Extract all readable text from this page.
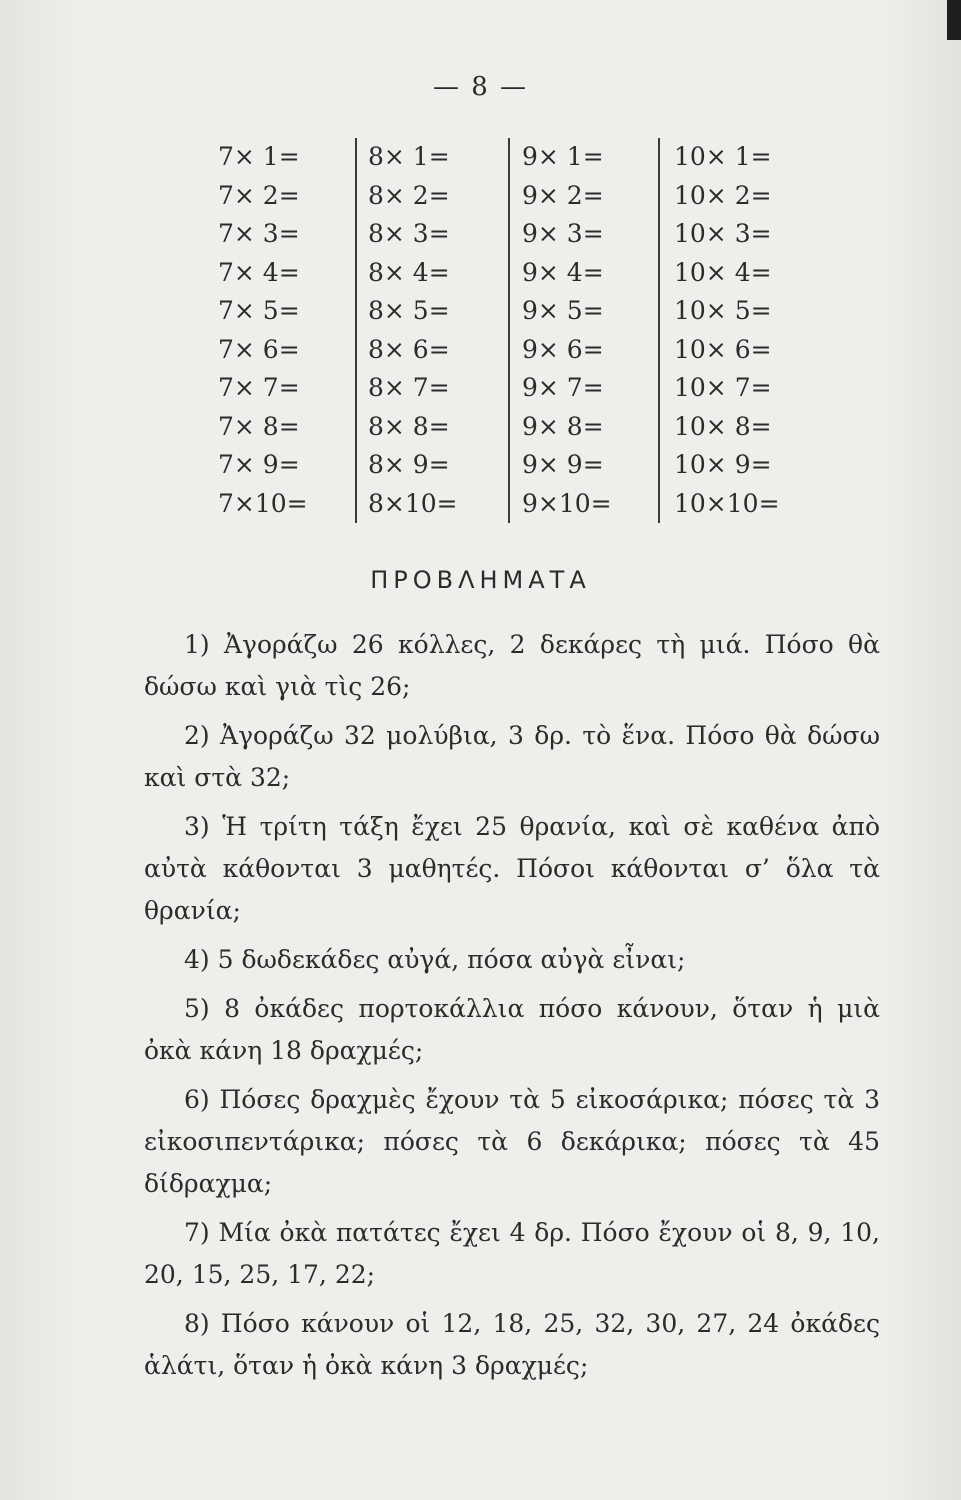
— 8 —
7× 1=
7× 2=
7× 3=
7× 4=
7× 5=
7× 6=
7× 7=
7× 8=
7× 9=
7×10=
8× 1=
8× 2=
8× 3=
8× 4=
8× 5=
8× 6=
8× 7=
8× 8=
8× 9=
8×10=
9× 1=
9× 2=
9× 3=
9× 4=
9× 5=
9× 6=
9× 7=
9× 8=
9× 9=
9×10=
10× 1=
10× 2=
10× 3=
10× 4=
10× 5=
10× 6=
10× 7=
10× 8=
10× 9=
10×10=
ΠΡΟΒΛΗΜΑΤΑ

1) Ἀγοράζω 26 κόλλες, 2 δεκάρες τὴ μιά. Πόσο θὰ δώσω καὶ γιὰ τὶς 26;

2) Ἀγοράζω 32 μολύβια, 3 δρ. τὸ ἕνα. Πόσο θὰ δώσω καὶ στὰ 32;

3) Ἡ τρίτη τάξη ἔχει 25 θρανία, καὶ σὲ καθένα ἀπὸ αὐτὰ κάθονται 3 μαθητές. Πόσοι κάθονται σ’ ὅλα τὰ θρανία;

4) 5 δωδεκάδες αὐγά, πόσα αὐγὰ εἶναι;

5) 8 ὀκάδες πορτοκάλλια πόσο κάνουν, ὅταν ἡ μιὰ ὀκὰ κάνη 18 δραχμές;

6) Πόσες δραχμὲς ἔχουν τὰ 5 εἰκοσάρικα; πόσες τὰ 3 εἰκοσιπεντάρικα; πόσες τὰ 6 δεκάρικα; πόσες τὰ 45 δίδραχμα;

7) Μία ὀκὰ πατάτες ἔχει 4 δρ. Πόσο ἔχουν οἱ 8, 9, 10, 20, 15, 25, 17, 22;

8) Πόσο κάνουν οἱ 12, 18, 25, 32, 30, 27, 24 ὀκάδες ἁλάτι, ὅταν ἡ ὀκὰ κάνη 3 δραχμές;
